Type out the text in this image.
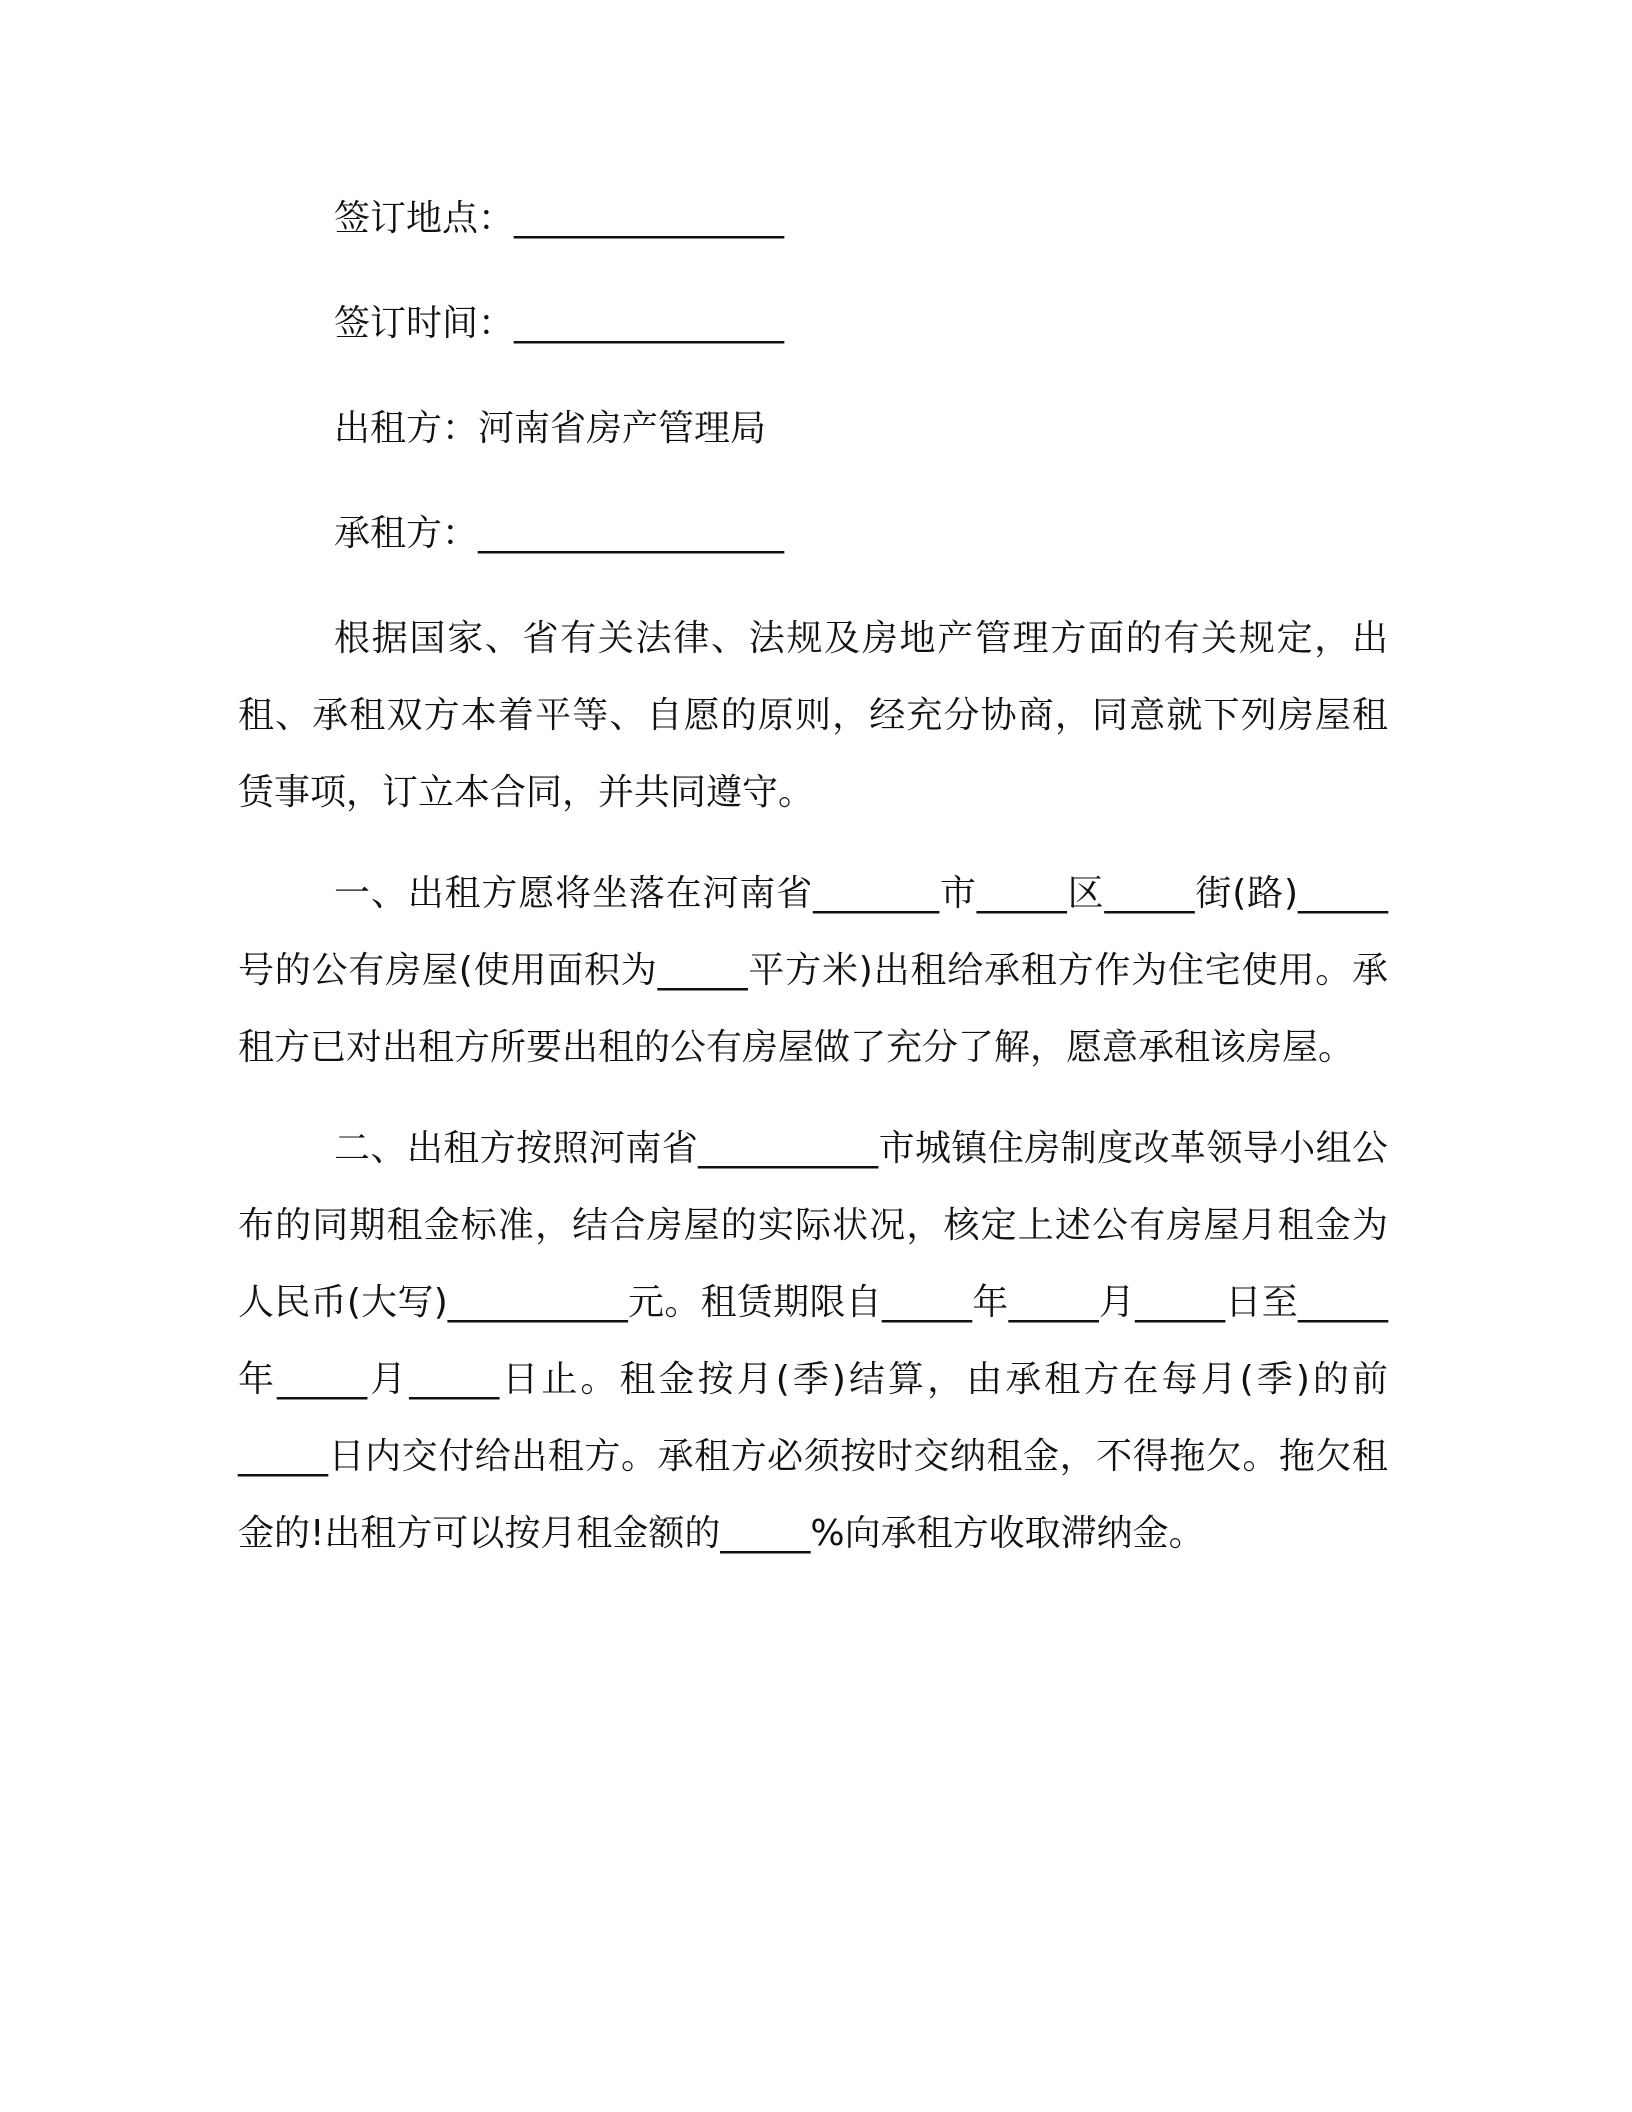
签订地点：_______________
签订时间：_______________
出租方：河南省房产管理局
承租方：_________________

根据国家、省有关法律、法规及房地产管理方面的有关规定，出租、承租双方本着平等、自愿的原则，经充分协商，同意就下列房屋租赁事项，订立本合同，并共同遵守。

一、出租方愿将坐落在河南省_______市_____区_____街(路)_____号的公有房屋(使用面积为_____平方米)出租给承租方作为住宅使用。承租方已对出租方所要出租的公有房屋做了充分了解，愿意承租该房屋。

二、出租方按照河南省__________市城镇住房制度改革领导小组公布的同期租金标准，结合房屋的实际状况，核定上述公有房屋月租金为人民币(大写)__________元。租赁期限自_____年_____月_____日至_____年_____月_____日止。租金按月(季)结算，由承租方在每月(季)的前_____日内交付给出租方。承租方必须按时交纳租金，不得拖欠。拖欠租金的!出租方可以按月租金额的_____%向承租方收取滞纳金。
